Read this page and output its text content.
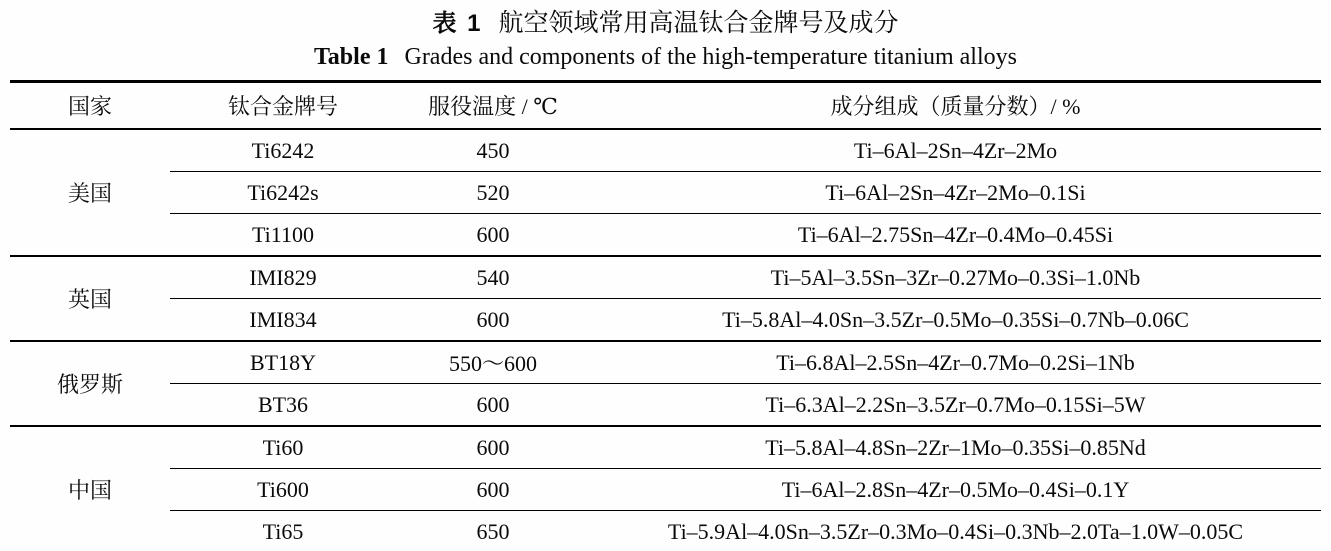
表 1 航空领域常用高温钛合金牌号及成分
Table 1 Grades and components of the high-temperature titanium alloys
国家	钛合金牌号	服役温度 / ℃	成分组成（质量分数）/ %
美国	Ti6242	450	Ti–6Al–2Sn–4Zr–2Mo
	Ti6242s	520	Ti–6Al–2Sn–4Zr–2Mo–0.1Si
	Ti1100	600	Ti–6Al–2.75Sn–4Zr–0.4Mo–0.45Si
英国	IMI829	540	Ti–5Al–3.5Sn–3Zr–0.27Mo–0.3Si–1.0Nb
	IMI834	600	Ti–5.8Al–4.0Sn–3.5Zr–0.5Mo–0.35Si–0.7Nb–0.06C
俄罗斯	BT18Y	550～600	Ti–6.8Al–2.5Sn–4Zr–0.7Mo–0.2Si–1Nb
	BT36	600	Ti–6.3Al–2.2Sn–3.5Zr–0.7Mo–0.15Si–5W
中国	Ti60	600	Ti–5.8Al–4.8Sn–2Zr–1Mo–0.35Si–0.85Nd
	Ti600	600	Ti–6Al–2.8Sn–4Zr–0.5Mo–0.4Si–0.1Y
	Ti65	650	Ti–5.9Al–4.0Sn–3.5Zr–0.3Mo–0.4Si–0.3Nb–2.0Ta–1.0W–0.05C
